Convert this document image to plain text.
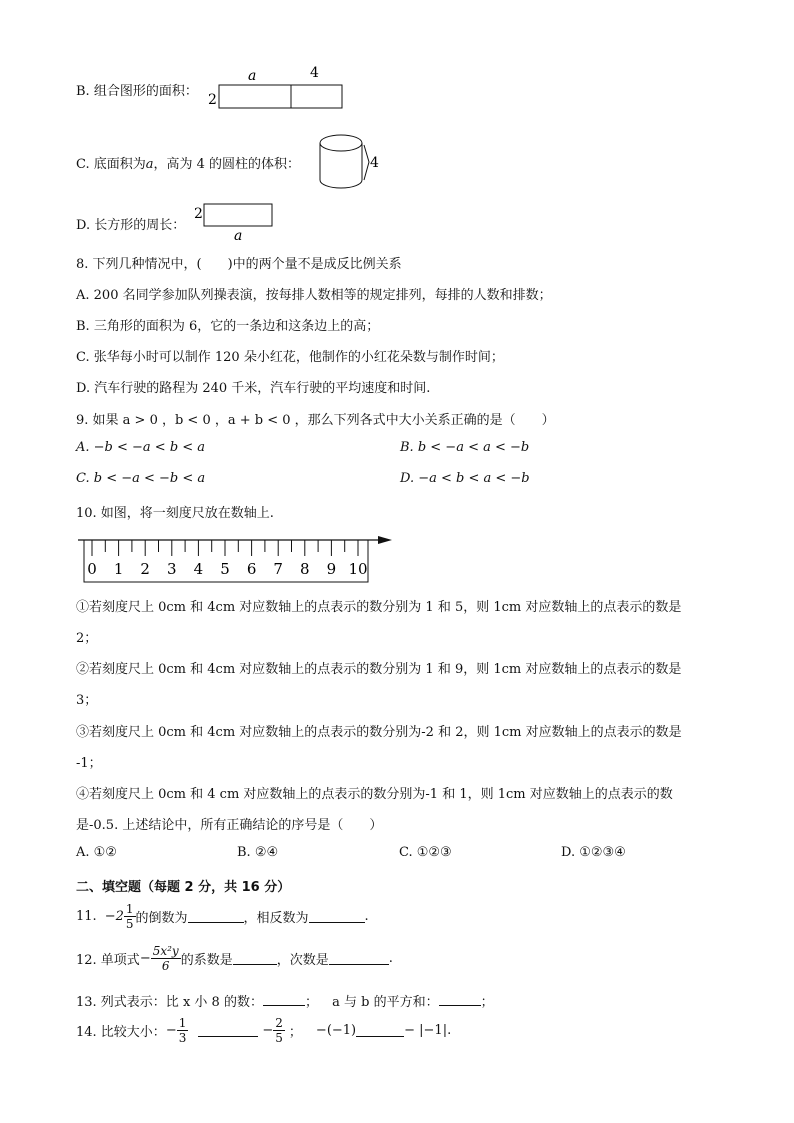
B. 组合图形的面积：
2
a	4
C. 底面积为a，高为 4 的圆柱的体积：	4
D. 长方形的周长：
2
a
8. 下列几种情况中，(　　)中的两个量不是成反比例关系
A. 200 名同学参加队列操表演，按每排人数相等的规定排列，每排的人数和排数；
B. 三角形的面积为 6，它的一条边和这条边上的高；
C. 张华每小时可以制作 120 朵小红花，他制作的小红花朵数与制作时间；
D. 汽车行驶的路程为 240 千米，汽车行驶的平均速度和时间.
9. 如果 a > 0 ，b < 0 ，a + b < 0 ，那么下列各式中大小关系正确的是（　　）
A. −b < −a < b < a	B. b < −a < a < −b
C. b < −a < −b < a	D. −a < b < a < −b
10. 如图，将一刻度尺放在数轴上.
0 1 2 3 4 5 6 7 8 9 10
①若刻度尺上 0cm 和 4cm 对应数轴上的点表示的数分别为 1 和 5，则 1cm 对应数轴上的点表示的数是
2；
②若刻度尺上 0cm 和 4cm 对应数轴上的点表示的数分别为 1 和 9，则 1cm 对应数轴上的点表示的数是
3；
③若刻度尺上 0cm 和 4cm 对应数轴上的点表示的数分别为-2 和 2，则 1cm 对应数轴上的点表示的数是
-1；
④若刻度尺上 0cm 和 4 cm 对应数轴上的点表示的数分别为-1 和 1，则 1cm 对应数轴上的点表示的数
是-0.5. 上述结论中，所有正确结论的序号是（　　）
A. ①②	B. ②④	C. ①②③	D. ①②③④
二、填空题（每题 2 分，共 16 分）
11. $-2 \frac{1}{5}$ 的倒数为	，相反数为	.
12. 单项式 − $\frac{\text{5x²y}}{6}$ 的系数是	，次数是	.
13. 列式表示：比 x 小 8 的数：	； a 与 b 的平方和：	；
14. 比较大小： − $\frac{1}{3}$	− $\frac{2}{5}$ ； −(−1)	− |−1|.
